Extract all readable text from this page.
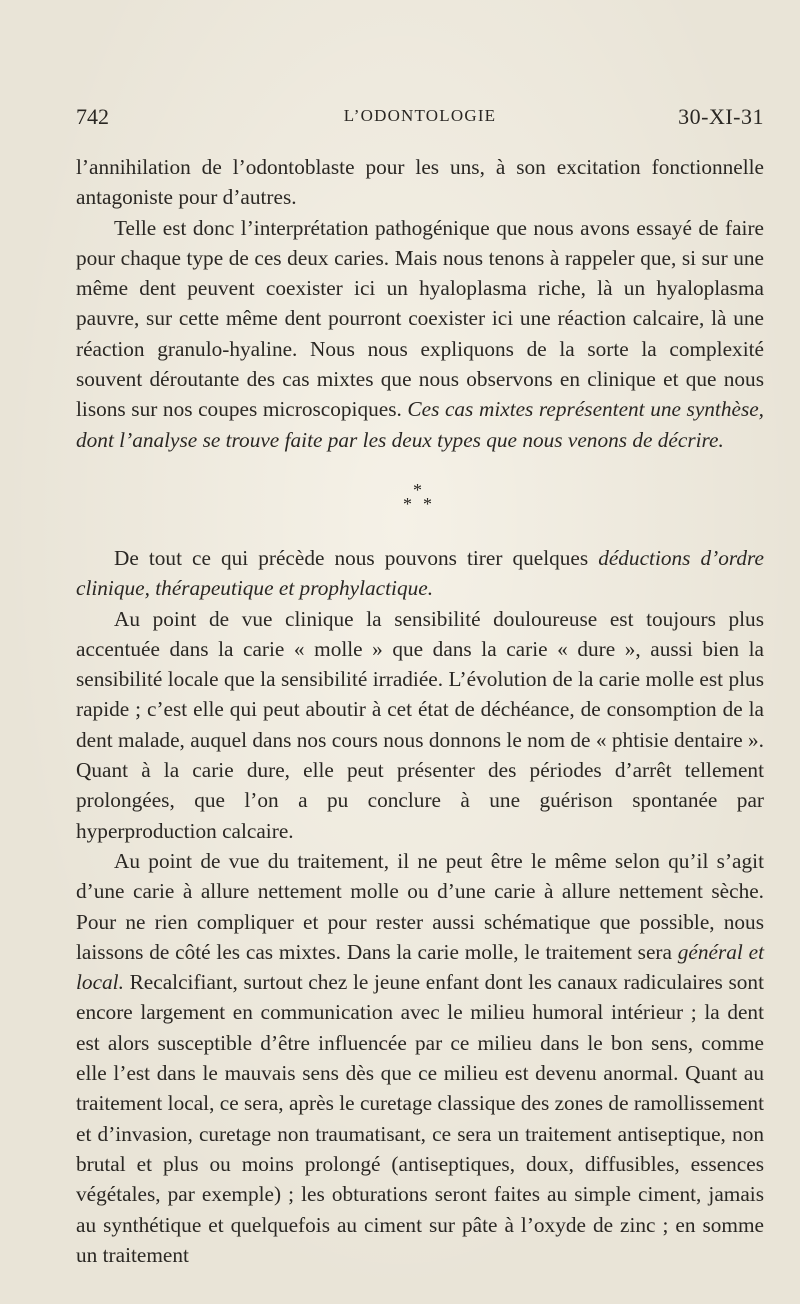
742	L’ODONTOLOGIE	30-XI-31

l’annihilation de l’odontoblaste pour les uns, à son excitation fonctionnelle antagoniste pour d’autres.

Telle est donc l’interprétation pathogénique que nous avons essayé de faire pour chaque type de ces deux caries. Mais nous tenons à rappeler que, si sur une même dent peuvent coexister ici un hyaloplasma riche, là un hyaloplasma pauvre, sur cette même dent pourront coexister ici une réaction calcaire, là une réaction granulo-hyaline. Nous nous expliquons de la sorte la complexité souvent déroutante des cas mixtes que nous observons en clinique et que nous lisons sur nos coupes microscopiques. Ces cas mixtes représentent une synthèse, dont l’analyse se trouve faite par les deux types que nous venons de décrire.

*
* *

De tout ce qui précède nous pouvons tirer quelques déductions d’ordre clinique, thérapeutique et prophylactique.

Au point de vue clinique la sensibilité douloureuse est toujours plus accentuée dans la carie « molle » que dans la carie « dure », aussi bien la sensibilité locale que la sensibilité irradiée. L’évolution de la carie molle est plus rapide ; c’est elle qui peut aboutir à cet état de déchéance, de consomption de la dent malade, auquel dans nos cours nous donnons le nom de « phtisie dentaire ». Quant à la carie dure, elle peut présenter des périodes d’arrêt tellement prolongées, que l’on a pu conclure à une guérison spontanée par hyperproduction calcaire.

Au point de vue du traitement, il ne peut être le même selon qu’il s’agit d’une carie à allure nettement molle ou d’une carie à allure nettement sèche. Pour ne rien compliquer et pour rester aussi schématique que possible, nous laissons de côté les cas mixtes. Dans la carie molle, le traitement sera général et local. Recalcifiant, surtout chez le jeune enfant dont les canaux radiculaires sont encore largement en communication avec le milieu humoral intérieur ; la dent est alors susceptible d’être influencée par ce milieu dans le bon sens, comme elle l’est dans le mauvais sens dès que ce milieu est devenu anormal. Quant au traitement local, ce sera, après le curetage classique des zones de ramollissement et d’invasion, curetage non traumatisant, ce sera un traitement antiseptique, non brutal et plus ou moins prolongé (antiseptiques, doux, diffusibles, essences végétales, par exemple) ; les obturations seront faites au simple ciment, jamais au synthétique et quelquefois au ciment sur pâte à l’oxyde de zinc ; en somme un traitement
